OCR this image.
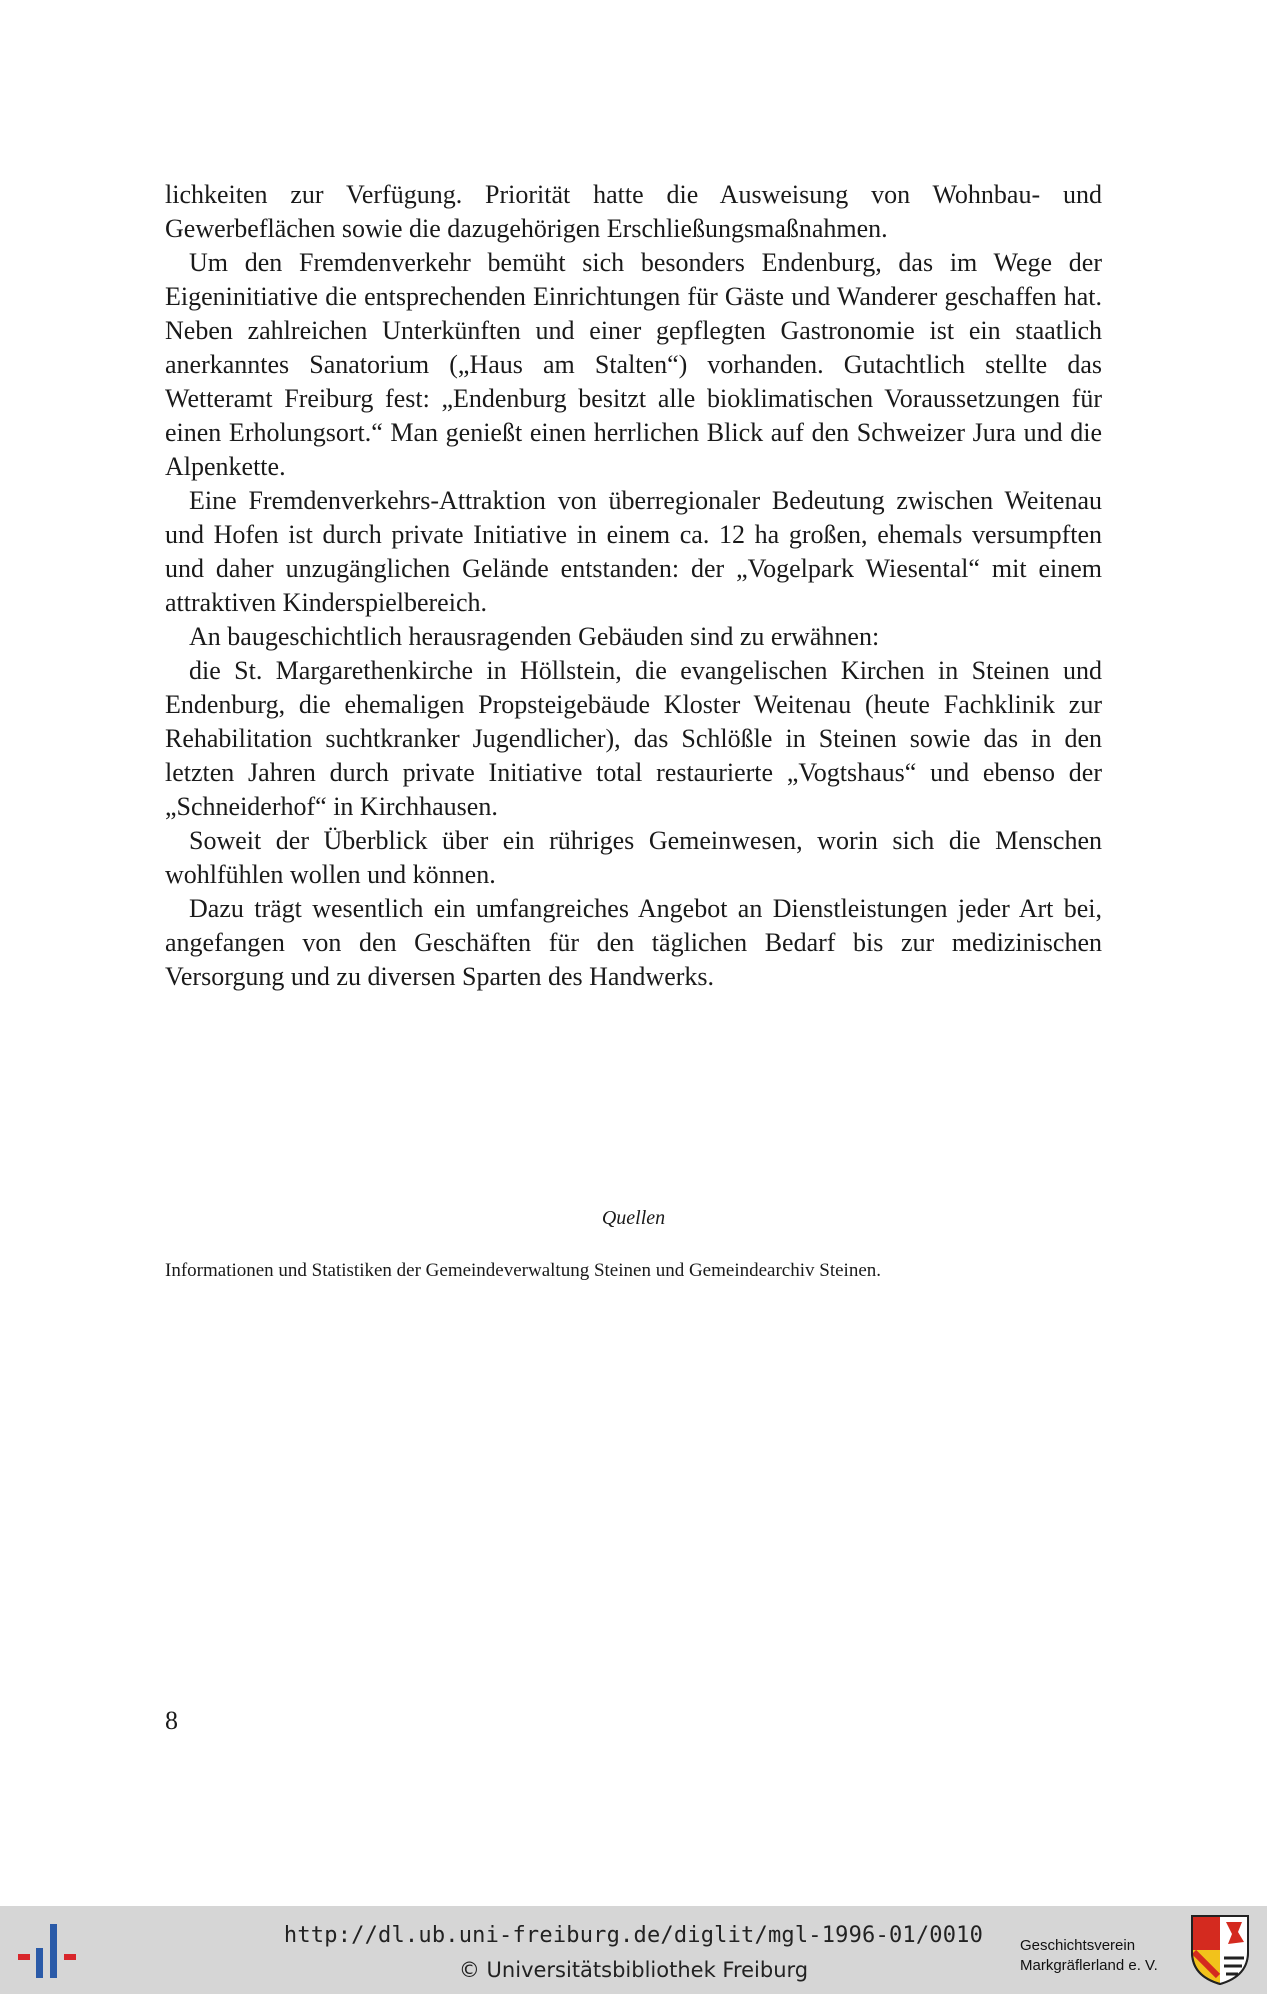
lichkeiten zur Verfügung. Priorität hatte die Ausweisung von Wohnbau- und Gewerbeflächen sowie die dazugehörigen Erschließungsmaßnahmen.

Um den Fremdenverkehr bemüht sich besonders Endenburg, das im Wege der Eigeninitiative die entsprechenden Einrichtungen für Gäste und Wanderer geschaffen hat. Neben zahlreichen Unterkünften und einer gepflegten Gastronomie ist ein staatlich anerkanntes Sanatorium („Haus am Stalten“) vorhanden. Gutachtlich stellte das Wetteramt Freiburg fest: „Endenburg besitzt alle bioklimatischen Voraussetzungen für einen Erholungsort.“ Man genießt einen herrlichen Blick auf den Schweizer Jura und die Alpenkette.

Eine Fremdenverkehrs-Attraktion von überregionaler Bedeutung zwischen Weitenau und Hofen ist durch private Initiative in einem ca. 12 ha großen, ehemals versumpften und daher unzugänglichen Gelände entstanden: der „Vogelpark Wiesental“ mit einem attraktiven Kinderspielbereich.

An baugeschichtlich herausragenden Gebäuden sind zu erwähnen:

die St. Margarethenkirche in Höllstein, die evangelischen Kirchen in Steinen und Endenburg, die ehemaligen Propsteigebäude Kloster Weitenau (heute Fachklinik zur Rehabilitation suchtkranker Jugendlicher), das Schlößle in Steinen sowie das in den letzten Jahren durch private Initiative total restaurierte „Vogtshaus“ und ebenso der „Schneiderhof“ in Kirchhausen.

Soweit der Überblick über ein rühriges Gemeinwesen, worin sich die Menschen wohlfühlen wollen und können.

Dazu trägt wesentlich ein umfangreiches Angebot an Dienstleistungen jeder Art bei, angefangen von den Geschäften für den täglichen Bedarf bis zur medizinischen Versorgung und zu diversen Sparten des Handwerks.

Quellen
Informationen und Statistiken der Gemeindeverwaltung Steinen und Gemeindearchiv Steinen.
8
http://dl.ub.uni-freiburg.de/diglit/mgl-1996-01/0010
© Universitätsbibliothek Freiburg
Geschichtsverein
Markgräflerland e. V.
